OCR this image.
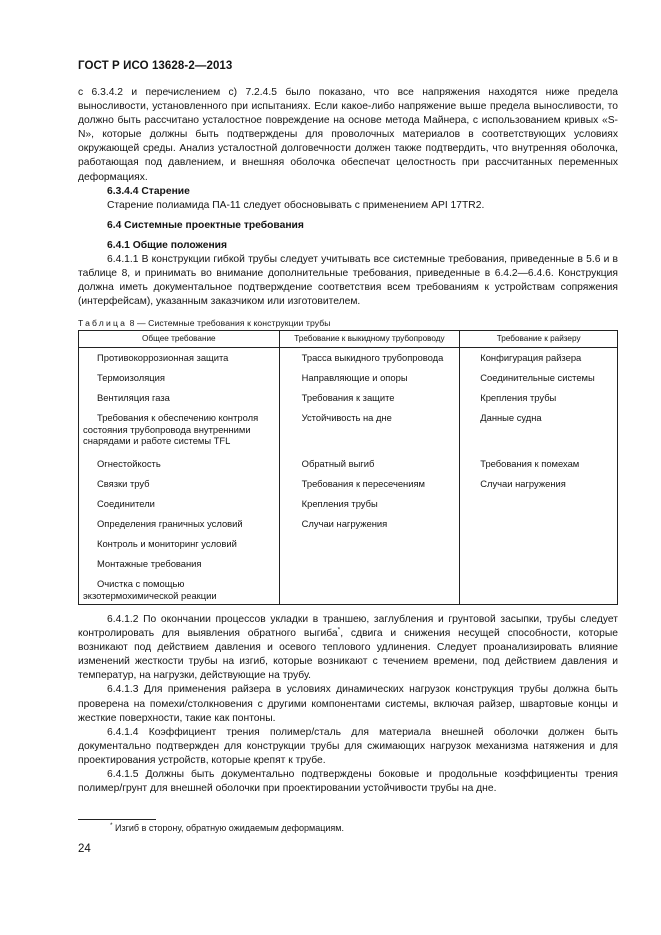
ГОСТ Р ИСО 13628-2—2013

с 6.3.4.2 и перечислением с) 7.2.4.5 было показано, что все напряжения находятся ниже предела выносливости, установленного при испытаниях. Если какое-либо напряжение выше предела выносливости, то должно быть рассчитано усталостное повреждение на основе метода Майнера, с использованием кривых «S-N», которые должны быть подтверждены для проволочных материалов в соответствующих условиях окружающей среды. Анализ усталостной долговечности должен также подтвердить, что внутренняя оболочка, работающая под давлением, и внешняя оболочка обеспечат целостность при рассчитанных переменных деформациях.

6.3.4.4 Старение

Старение полиамида ПА-11 следует обосновывать с применением API 17TR2.

6.4 Системные проектные требования

6.4.1 Общие положения

6.4.1.1 В конструкции гибкой трубы следует учитывать все системные требования, приведенные в 5.6 и в таблице 8, и принимать во внимание дополнительные требования, приведенные в 6.4.2—6.4.6. Конструкция должна иметь документальное подтверждение соответствия всем требованиям к устройствам сопряжения (интерфейсам), указанным заказчиком или изготовителем.

Таблица 8 — Системные требования к конструкции трубы
Общее требование	Требование к выкидному трубопроводу	Требование к райзеру

Противокоррозионная защита	Трасса выкидного трубопровода	Конфигурация райзера

Термоизоляция	Направляющие и опоры	Соединительные системы

Вентиляция газа	Требования к защите	Крепления трубы

Требования к обеспечению контроля состояния трубопровода внутренними снарядами и работе системы TFL	Устойчивость на дне	Данные судна

Огнестойкость	Обратный выгиб	Требования к помехам

Связки труб	Требования к пересечениям	Случаи нагружения

Соединители	Крепления трубы	

Определения граничных условий	Случаи нагружения	

Контроль и мониторинг условий		

Монтажные требования		

Очистка с помощью экзотермохимической реакции		

6.4.1.2 По окончании процессов укладки в траншею, заглубления и грунтовой засыпки, трубы следует контролировать для выявления обратного выгиба*, сдвига и снижения несущей способности, которые возникают под действием давления и осевого теплового удлинения. Следует проанализировать влияние изменений жесткости трубы на изгиб, которые возникают с течением времени, под действием давления и температур, на нагрузки, действующие на трубу.

6.4.1.3 Для применения райзера в условиях динамических нагрузок конструкция трубы должна быть проверена на помехи/столкновения с другими компонентами системы, включая райзер, швартовые концы и жесткие поверхности, такие как понтоны.

6.4.1.4 Коэффициент трения полимер/сталь для материала внешней оболочки должен быть документально подтвержден для конструкции трубы для сжимающих нагрузок механизма натяжения и для проектирования устройств, которые крепят к трубе.

6.4.1.5 Должны быть документально подтверждены боковые и продольные коэффициенты трения полимер/грунт для внешней оболочки при проектировании устойчивости трубы на дне.

* Изгиб в сторону, обратную ожидаемым деформациям.
24
